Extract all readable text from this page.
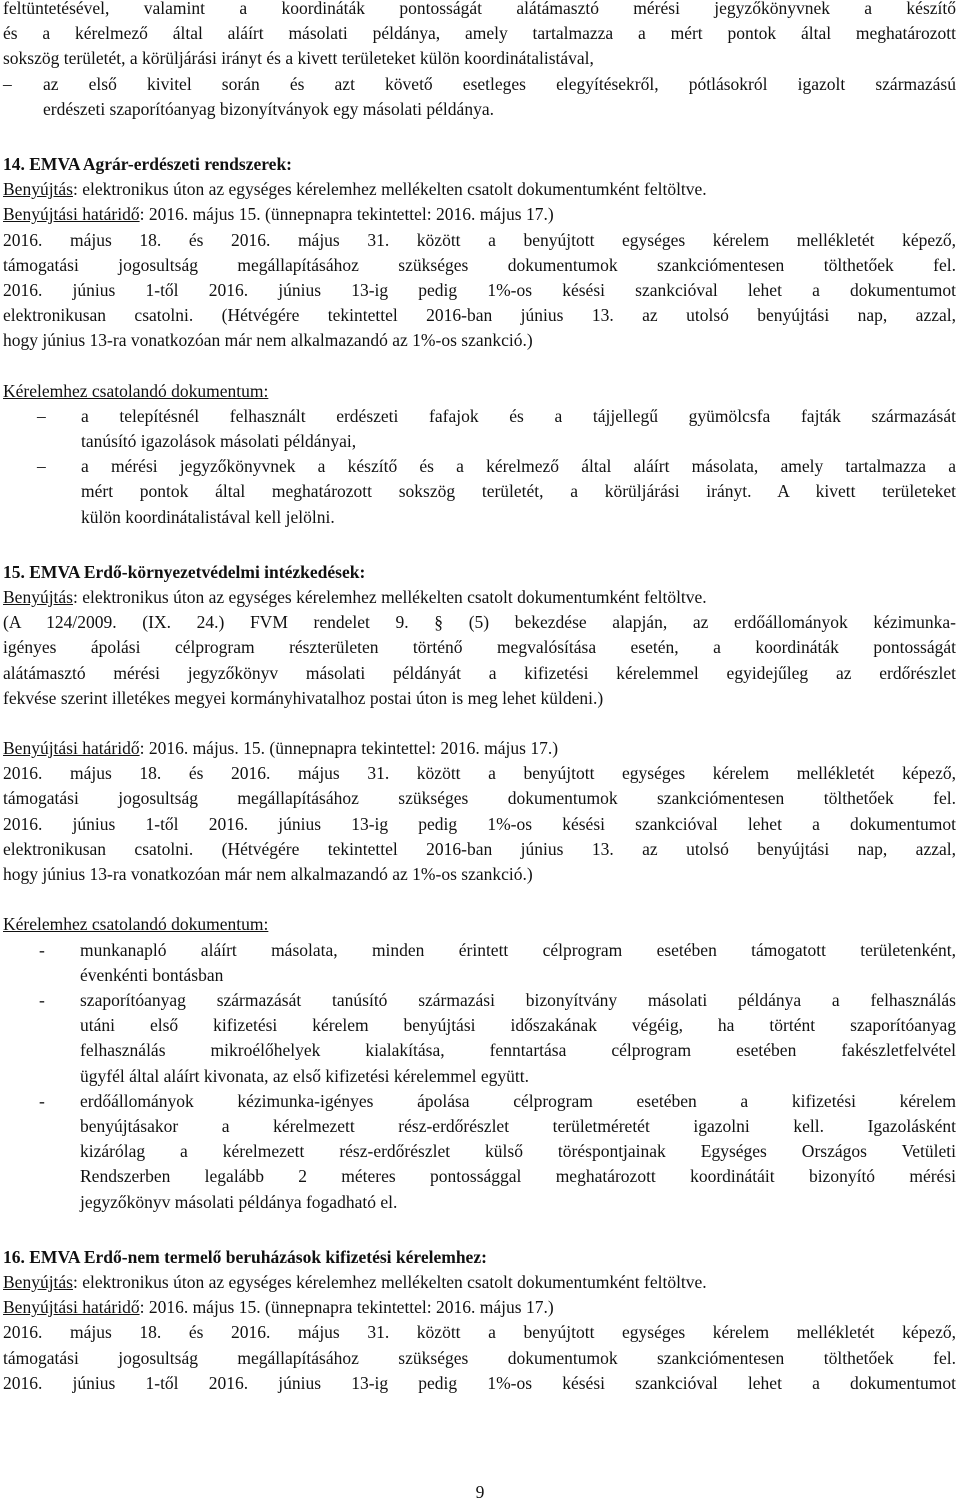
feltüntetésével, valamint a koordináták pontosságát alátámasztó mérési jegyzőkönyvnek a készítő
és a kérelmező által aláírt másolati példánya, amely tartalmazza a mért pontok által meghatározott
sokszög területét, a körüljárási irányt és a kivett területeket külön koordinátalistával,
– az első kivitel során és azt követő esetleges elegyítésekről, pótlásokról igazolt származású
erdészeti szaporítóanyag bizonyítványok egy másolati példánya.
14. EMVA Agrár-erdészeti rendszerek:
Benyújtás: elektronikus úton az egységes kérelemhez mellékelten csatolt dokumentumként feltöltve.
Benyújtási határidő: 2016. május 15. (ünnepnapra tekintettel: 2016. május 17.)
2016. május 18. és 2016. május 31. között a benyújtott egységes kérelem mellékletét képező,
támogatási jogosultság megállapításához szükséges dokumentumok szankciómentesen tölthetőek fel.
2016. június 1-től 2016. június 13-ig pedig 1%-os késési szankcióval lehet a dokumentumot
elektronikusan csatolni. (Hétvégére tekintettel 2016-ban június 13. az utolsó benyújtási nap, azzal,
hogy június 13-ra vonatkozóan már nem alkalmazandó az 1%-os szankció.)
Kérelemhez csatolandó dokumentum:
– a telepítésnél felhasznált erdészeti fafajok és a tájjellegű gyümölcsfa fajták származását
tanúsító igazolások másolati példányai,
– a mérési jegyzőkönyvnek a készítő és a kérelmező által aláírt másolata, amely tartalmazza a
mért pontok által meghatározott sokszög területét, a körüljárási irányt. A kivett területeket
külön koordinátalistával kell jelölni.
15. EMVA Erdő-környezetvédelmi intézkedések:
Benyújtás: elektronikus úton az egységes kérelemhez mellékelten csatolt dokumentumként feltöltve.
(A 124/2009. (IX. 24.) FVM rendelet 9. § (5) bekezdése alapján, az erdőállományok kézimunka-
igényes ápolási célprogram részterületen történő megvalósítása esetén, a koordináták pontosságát
alátámasztó mérési jegyzőkönyv másolati példányát a kifizetési kérelemmel egyidejűleg az erdőrészlet
fekvése szerint illetékes megyei kormányhivatalhoz postai úton is meg lehet küldeni.)
Benyújtási határidő: 2016. május. 15. (ünnepnapra tekintettel: 2016. május 17.)
2016. május 18. és 2016. május 31. között a benyújtott egységes kérelem mellékletét képező,
támogatási jogosultság megállapításához szükséges dokumentumok szankciómentesen tölthetőek fel.
2016. június 1-től 2016. június 13-ig pedig 1%-os késési szankcióval lehet a dokumentumot
elektronikusan csatolni. (Hétvégére tekintettel 2016-ban június 13. az utolsó benyújtási nap, azzal,
hogy június 13-ra vonatkozóan már nem alkalmazandó az 1%-os szankció.)
Kérelemhez csatolandó dokumentum:
- munkanapló aláírt másolata, minden érintett célprogram esetében támogatott területenként,
évenkénti bontásban
- szaporítóanyag származását tanúsító származási bizonyítvány másolati példánya a felhasználás
utáni első kifizetési kérelem benyújtási időszakának végéig, ha történt szaporítóanyag
felhasználás mikroélőhelyek kialakítása, fenntartása célprogram esetében fakészletfelvétel
ügyfél által aláírt kivonata, az első kifizetési kérelemmel együtt.
- erdőállományok kézimunka-igényes ápolása célprogram esetében a kifizetési kérelem
benyújtásakor a kérelmezett rész-erdőrészlet területméretét igazolni kell. Igazolásként
kizárólag a kérelmezett rész-erdőrészlet külső töréspontjainak Egységes Országos Vetületi
Rendszerben legalább 2 méteres pontossággal meghatározott koordinátáit bizonyító mérési
jegyzőkönyv másolati példánya fogadható el.
16. EMVA Erdő-nem termelő beruházások kifizetési kérelemhez:
Benyújtás: elektronikus úton az egységes kérelemhez mellékelten csatolt dokumentumként feltöltve.
Benyújtási határidő: 2016. május 15. (ünnepnapra tekintettel: 2016. május 17.)
2016. május 18. és 2016. május 31. között a benyújtott egységes kérelem mellékletét képező,
támogatási jogosultság megállapításához szükséges dokumentumok szankciómentesen tölthetőek fel.
2016. június 1-től 2016. június 13-ig pedig 1%-os késési szankcióval lehet a dokumentumot
9
